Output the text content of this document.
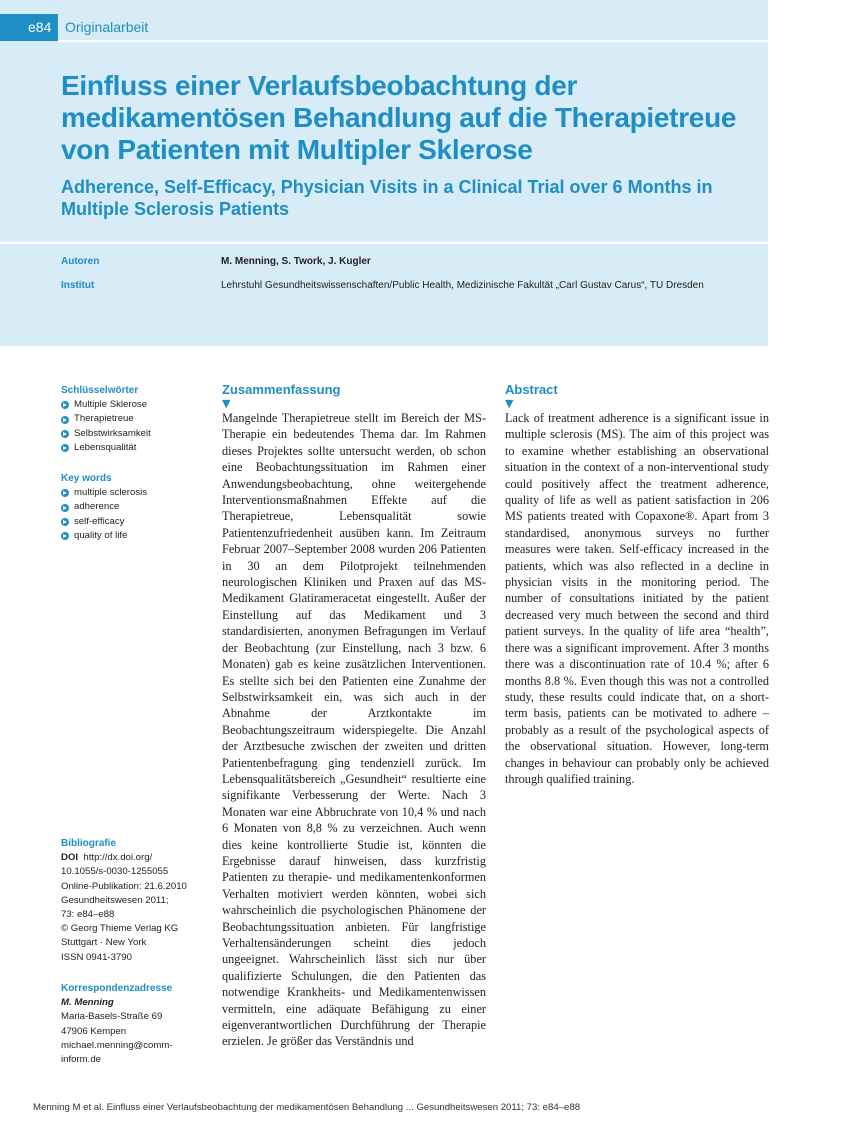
e84 Originalarbeit
Einfluss einer Verlaufsbeobachtung der medikamentösen Behandlung auf die Therapietreue von Patienten mit Multipler Sklerose
Adherence, Self-Efficacy, Physician Visits in a Clinical Trial over 6 Months in Multiple Sclerosis Patients
Autoren	M. Menning, S. Twork, J. Kugler
Institut	Lehrstuhl Gesundheitswissenschaften/Public Health, Medizinische Fakultät „Carl Gustav Carus“, TU Dresden
Schlüsselwörter
Multiple Sklerose
Therapietreue
Selbstwirksamkeit
Lebensqualität
Key words
multiple sclerosis
adherence
self-efficacy
quality of life
Bibliografie
DOI http://dx.doi.org/
10.1055/s-0030-1255055
Online-Publikation: 21.6.2010
Gesundheitswesen 2011;
73: e84–e88
© Georg Thieme Verlag KG
Stuttgart · New York
ISSN 0941-3790
Korrespondenzadresse
M. Menning
Maria-Basels-Straße 69
47906 Kempen
michael.menning@comm-
inform.de
Zusammenfassung
▼
Mangelnde Therapietreue stellt im Bereich der MS-Therapie ein bedeutendes Thema dar. Im Rahmen dieses Projektes sollte untersucht werden, ob schon eine Beobachtungssituation im Rahmen einer Anwendungsbeobachtung, ohne weitergehende Interventionsmaßnahmen Effekte auf die Therapietreue, Lebensqualität sowie Patientenzufriedenheit ausüben kann. Im Zeitraum Februar 2007–September 2008 wurden 206 Patienten in 30 an dem Pilotprojekt teilnehmenden neurologischen Kliniken und Praxen auf das MS-Medikament Glatirameracetat eingestellt. Außer der Einstellung auf das Medikament und 3 standardisierten, anonymen Befragungen im Verlauf der Beobachtung (zur Einstellung, nach 3 bzw. 6 Monaten) gab es keine zusätzlichen Interventionen. Es stellte sich bei den Patienten eine Zunahme der Selbstwirksamkeit ein, was sich auch in der Abnahme der Arztkontakte im Beobachtungszeitraum widerspiegelte. Die Anzahl der Arztbesuche zwischen der zweiten und dritten Patientenbefragung ging tendenziell zurück. Im Lebensqualitätsbereich „Gesundheit“ resultierte eine signifikante Verbesserung der Werte. Nach 3 Monaten war eine Abbruchrate von 10,4 % und nach 6 Monaten von 8,8 % zu verzeichnen. Auch wenn dies keine kontrollierte Studie ist, könnten die Ergebnisse darauf hinweisen, dass kurzfristig Patienten zu therapie- und medikamentenkonformen Verhalten motiviert werden könnten, wobei sich wahrscheinlich die psychologischen Phänomene der Beobachtungssituation anbieten. Für langfristige Verhaltensänderungen scheint dies jedoch ungeeignet. Wahrscheinlich lässt sich nur über qualifizierte Schulungen, die den Patienten das notwendige Krankheits- und Medikamentenwissen vermitteln, eine adäquate Befähigung zu einer eigenverantwortlichen Durchführung der Therapie erzielen. Je größer das Verständnis und
Abstract
▼
Lack of treatment adherence is a significant issue in multiple sclerosis (MS). The aim of this project was to examine whether establishing an observational situation in the context of a non-interventional study could positively affect the treatment adherence, quality of life as well as patient satisfaction in 206 MS patients treated with Copaxone®. Apart from 3 standardised, anonymous surveys no further measures were taken. Self-efficacy increased in the patients, which was also reflected in a decline in physician visits in the monitoring period. The number of consultations initiated by the patient decreased very much between the second and third patient surveys. In the quality of life area “health”, there was a significant improvement. After 3 months there was a discontinuation rate of 10.4 %; after 6 months 8.8 %. Even though this was not a controlled study, these results could indicate that, on a short-term basis, patients can be motivated to adhere – probably as a result of the psychological aspects of the observational situation. However, long-term changes in behaviour can probably only be achieved through qualified training.
Menning M et al. Einfluss einer Verlaufsbeobachtung der medikamentösen Behandlung ... Gesundheitswesen 2011; 73: e84–e88
